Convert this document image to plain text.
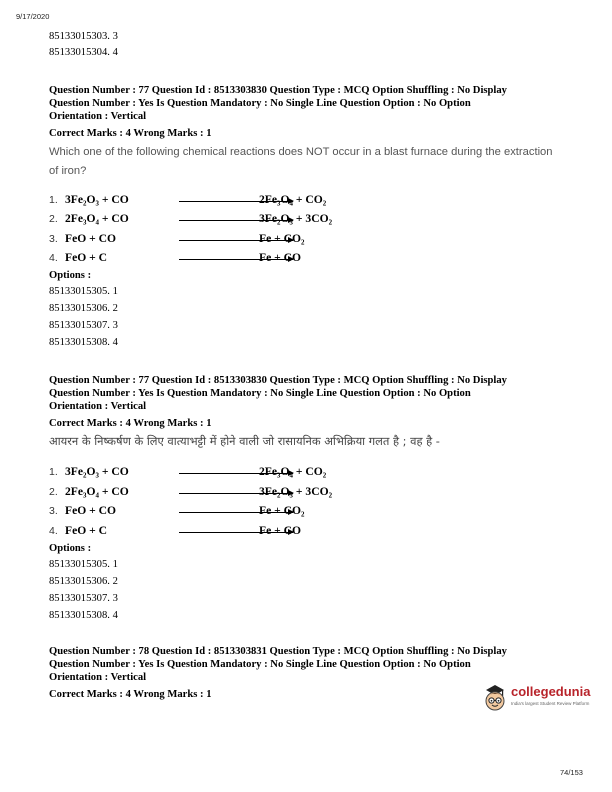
9/17/2020
85133015303. 3
85133015304. 4
Question Number : 77 Question Id : 8513303830 Question Type : MCQ Option Shuffling : No Display
Question Number : Yes Is Question Mandatory : No Single Line Question Option : No Option
Orientation : Vertical
Correct Marks : 4 Wrong Marks : 1
Which one of the following chemical reactions does NOT occur in a blast furnace during the extraction of iron?
1. 3Fe₂O₃ + CO	2Fe₃O₄ + CO₂
2. 2Fe₃O₄ + CO	3Fe₂O₃ + 3CO₂
3. FeO + CO	Fe + CO₂
4. FeO + C	Fe + CO
Options :
85133015305. 1
85133015306. 2
85133015307. 3
85133015308. 4
Question Number : 77 Question Id : 8513303830 Question Type : MCQ Option Shuffling : No Display
Question Number : Yes Is Question Mandatory : No Single Line Question Option : No Option
Orientation : Vertical
Correct Marks : 4 Wrong Marks : 1
आयरन के निष्कर्षण के लिए वात्याभट्टी में होने वाली जो रासायनिक अभिक्रिया गलत है ; वह है -
1. 3Fe₂O₃ + CO	2Fe₃O₄ + CO₂
2. 2Fe₃O₄ + CO	3Fe₂O₃ + 3CO₂
3. FeO + CO	Fe + CO₂
4. FeO + C	Fe + CO
Options :
85133015305. 1
85133015306. 2
85133015307. 3
85133015308. 4
Question Number : 78 Question Id : 8513303831 Question Type : MCQ Option Shuffling : No Display
Question Number : Yes Is Question Mandatory : No Single Line Question Option : No Option
Orientation : Vertical
Correct Marks : 4 Wrong Marks : 1	collegedunia
India's largest Student Review Platform
74/153
